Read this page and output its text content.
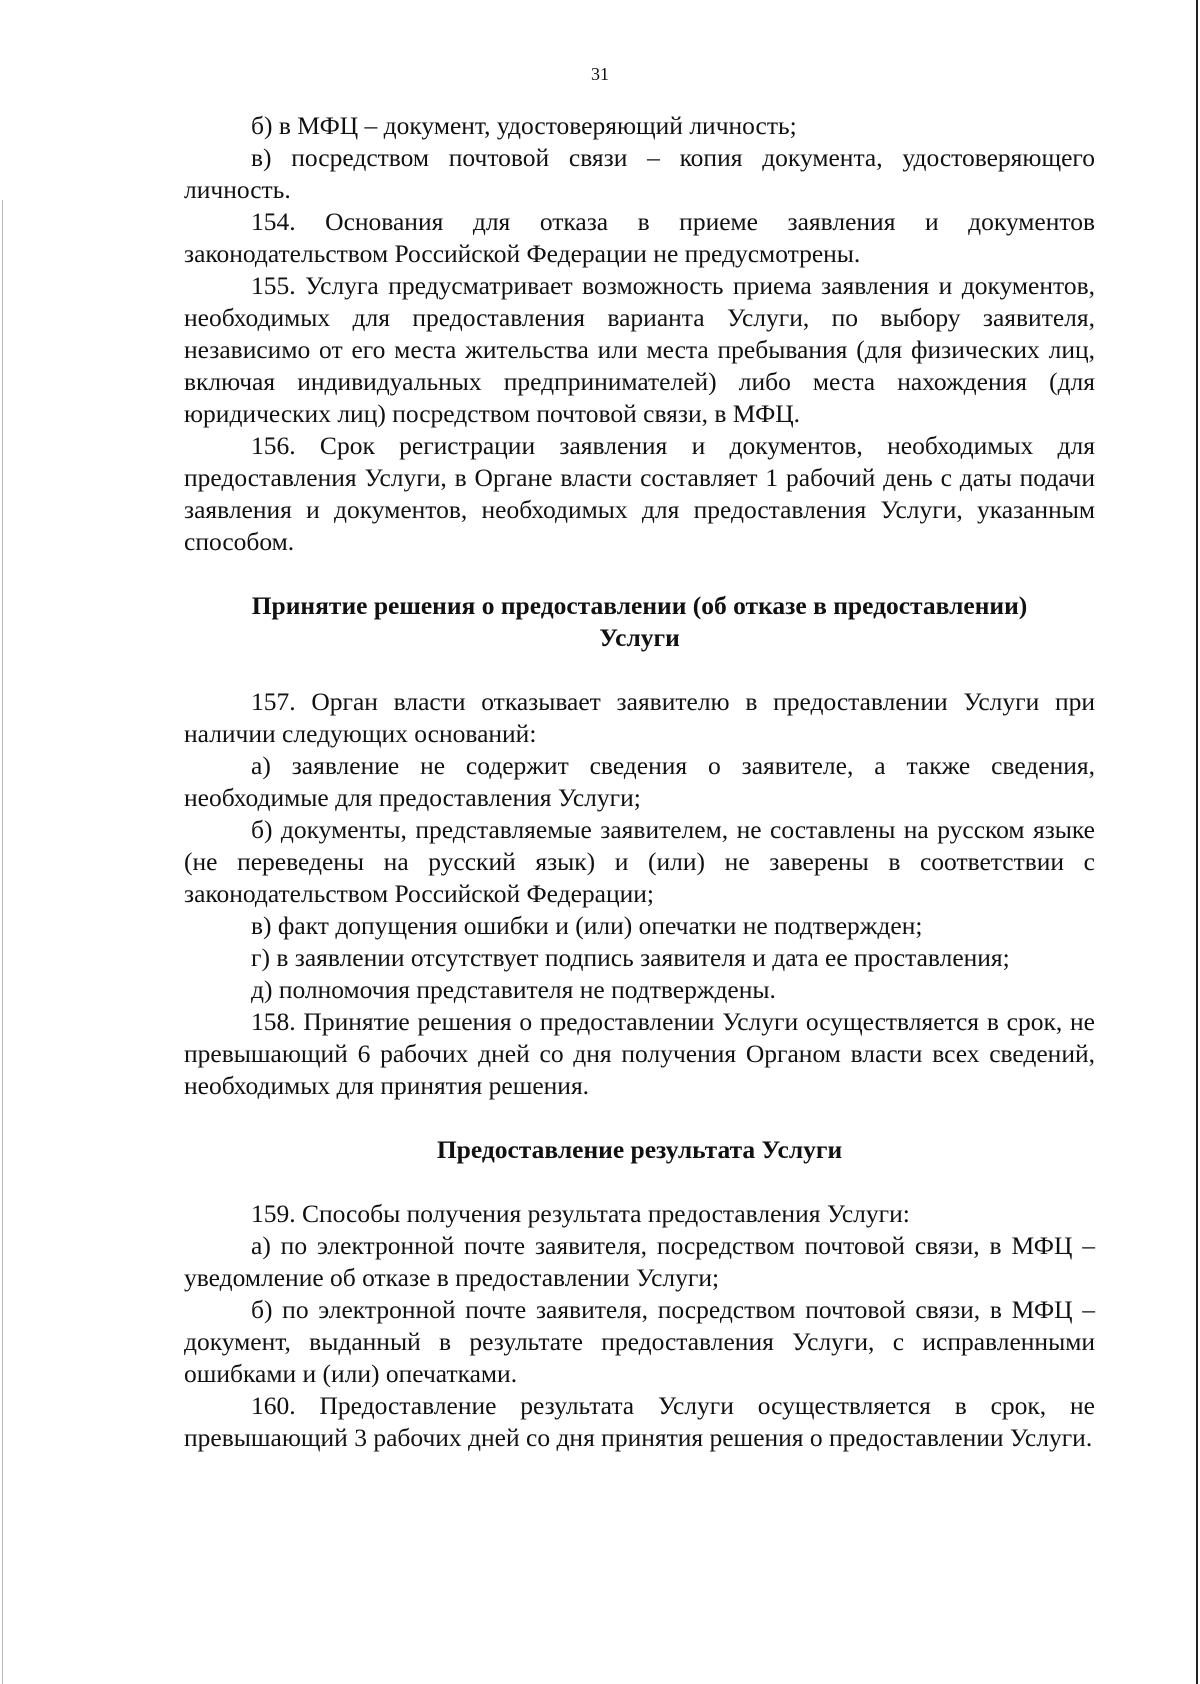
31

б) в МФЦ – документ, удостоверяющий личность;

в) посредством почтовой связи – копия документа, удостоверяющего личность.

154. Основания для отказа в приеме заявления и документов законодательством Российской Федерации не предусмотрены.

155. Услуга предусматривает возможность приема заявления и документов, необходимых для предоставления варианта Услуги, по выбору заявителя, независимо от его места жительства или места пребывания (для физических лиц, включая индивидуальных предпринимателей) либо места нахождения (для юридических лиц) посредством почтовой связи, в МФЦ.

156. Срок регистрации заявления и документов, необходимых для предоставления Услуги, в Органе власти составляет 1 рабочий день с даты подачи заявления и документов, необходимых для предоставления Услуги, указанным способом.

Принятие решения о предоставлении (об отказе в предоставлении)
Услуги

157. Орган власти отказывает заявителю в предоставлении Услуги при наличии следующих оснований:

а) заявление не содержит сведения о заявителе, а также сведения, необходимые для предоставления Услуги;

б) документы, представляемые заявителем, не составлены на русском языке (не переведены на русский язык) и (или) не заверены в соответствии с законодательством Российской Федерации;

в) факт допущения ошибки и (или) опечатки не подтвержден;

г) в заявлении отсутствует подпись заявителя и дата ее проставления;

д) полномочия представителя не подтверждены.

158. Принятие решения о предоставлении Услуги осуществляется в срок, не превышающий 6 рабочих дней со дня получения Органом власти всех сведений, необходимых для принятия решения.

Предоставление результата Услуги

159. Способы получения результата предоставления Услуги:

а) по электронной почте заявителя, посредством почтовой связи, в МФЦ – уведомление об отказе в предоставлении Услуги;

б) по электронной почте заявителя, посредством почтовой связи, в МФЦ – документ, выданный в результате предоставления Услуги, с исправленными ошибками и (или) опечатками.

160. Предоставление результата Услуги осуществляется в срок, не превышающий 3 рабочих дней со дня принятия решения о предоставлении Услуги.
